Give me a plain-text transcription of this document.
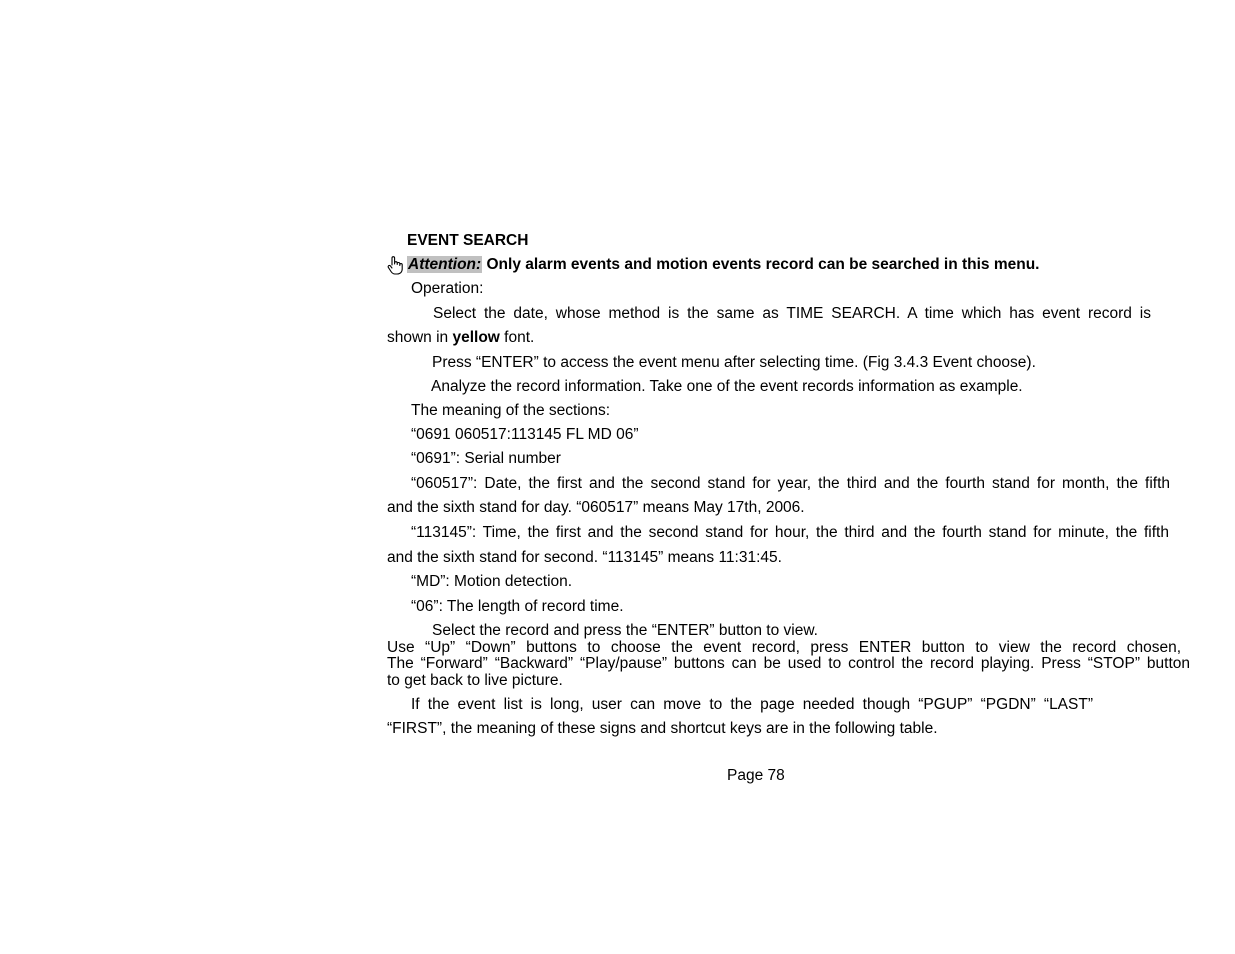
EVENT SEARCH
Attention: Only alarm events and motion events record can be searched in this menu.
Operation:
Select the date, whose method is the same as TIME SEARCH. A time which has event record is
shown in yellow font.
Press “ENTER” to access the event menu after selecting time. (Fig 3.4.3 Event choose).
Analyze the record information. Take one of the event records information as example.
The meaning of the sections:
“0691 060517:113145 FL MD 06”
“0691”: Serial number
“060517”: Date, the first and the second stand for year, the third and the fourth stand for month, the fifth
and the sixth stand for day. “060517” means May 17th, 2006.
“113145”: Time, the first and the second stand for hour, the third and the fourth stand for minute, the fifth
and the sixth stand for second. “113145” means 11:31:45.
“MD”: Motion detection.
“06”: The length of record time.
Select the record and press the “ENTER” button to view.
Use “Up” “Down” buttons to choose the event record, press ENTER button to view the record chosen,
The “Forward” “Backward” “Play/pause” buttons can be used to control the record playing. Press “STOP” button
to get back to live picture.
If the event list is long, user can move to the page needed though “PGUP” “PGDN” “LAST”
“FIRST”, the meaning of these signs and shortcut keys are in the following table.
Page 78
